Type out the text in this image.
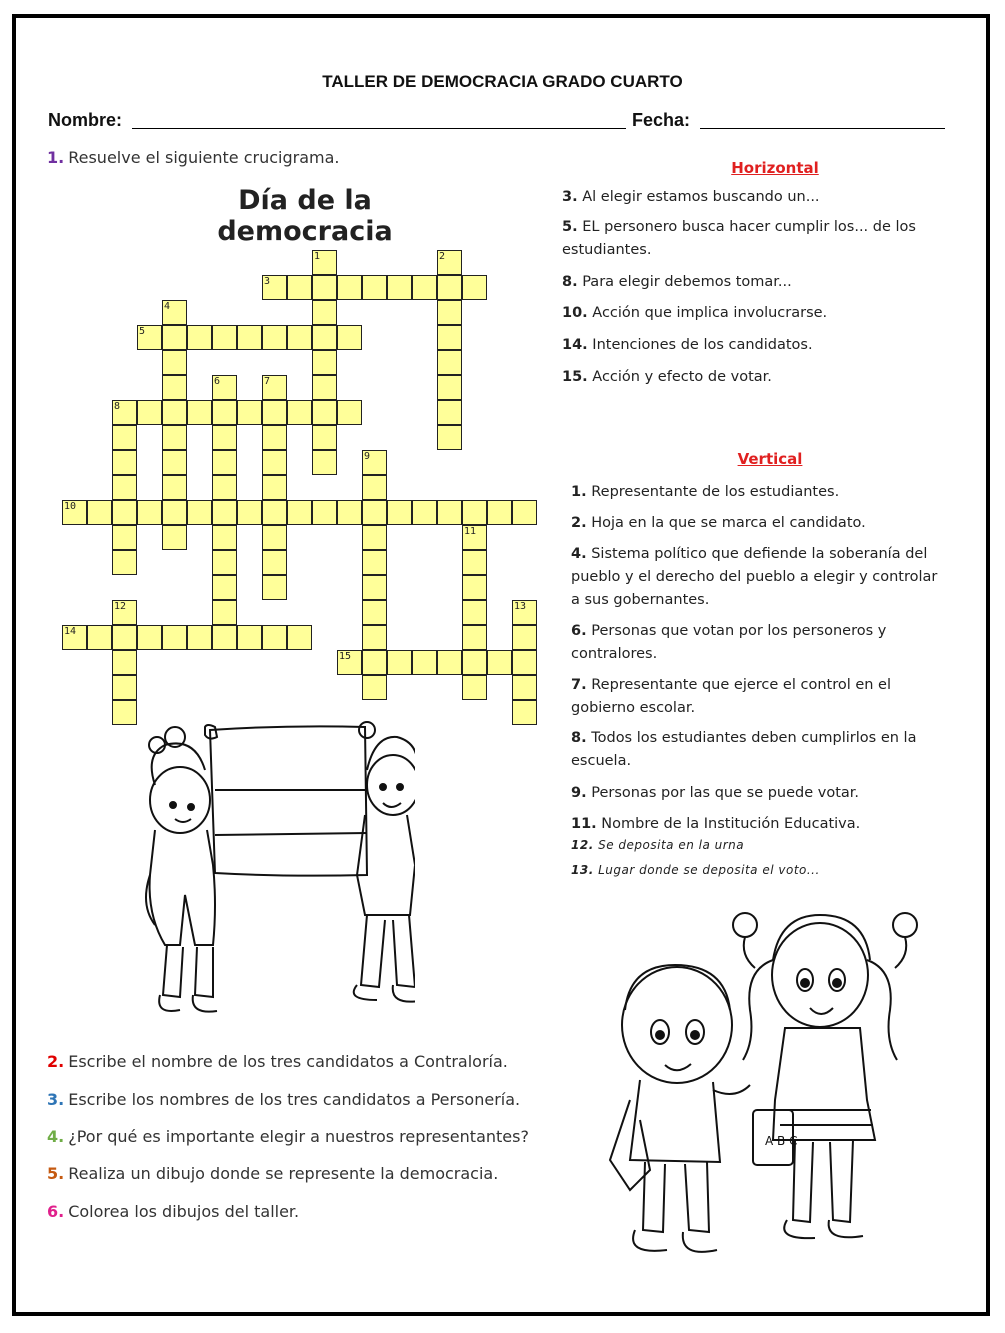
TALLER DE DEMOCRACIA GRADO CUARTO
Nombre:	Fecha:
1. Resuelve el siguiente crucigrama.
Día de la democracia
1	2
3
4
5
6	7
8
9
10
11
12	13
14
15
Horizontal
3. Al elegir estamos buscando un...
5. EL personero busca hacer cumplir los... de los estudiantes.
8. Para elegir debemos tomar...
10. Acción que implica involucrarse.
14. Intenciones de los candidatos.
15. Acción y efecto de votar.
Vertical
1. Representante de los estudiantes.
2. Hoja en la que se marca el candidato.
4. Sistema político que defiende la soberanía del pueblo y el derecho del pueblo a elegir y controlar a sus gobernantes.
6. Personas que votan por los personeros y contralores.
7. Representante que ejerce el control en el gobierno escolar.
8. Todos los estudiantes deben cumplirlos en la escuela.
9. Personas por las que se puede votar.
11. Nombre de la Institución Educativa.
12. Se deposita en la urna
13. Lugar donde se deposita el voto...
A B C
2. Escribe el nombre de los tres candidatos a Contraloría.
3. Escribe los nombres de los tres candidatos a Personería.
4. ¿Por qué es importante elegir a nuestros representantes?
5. Realiza un dibujo donde se represente la democracia.
6. Colorea los dibujos del taller.
